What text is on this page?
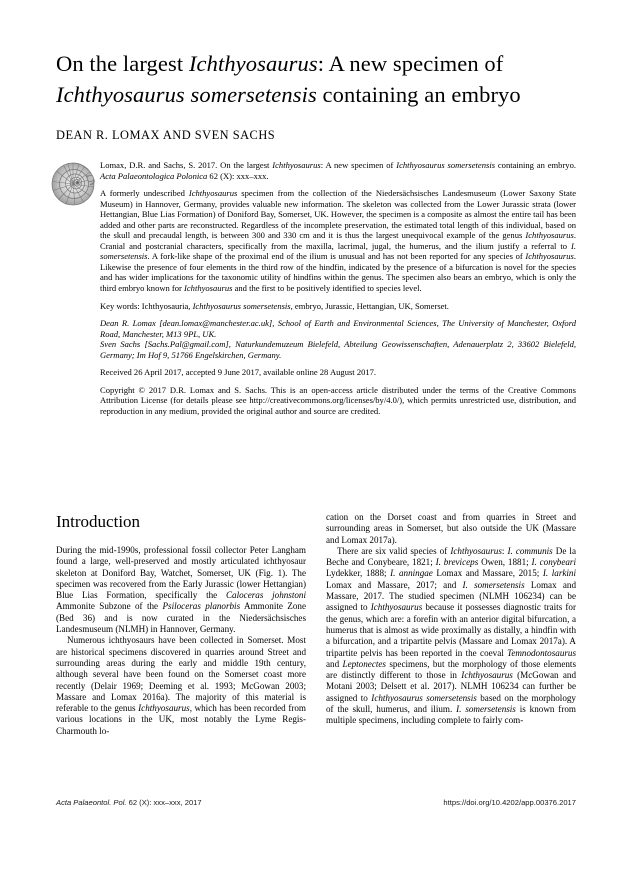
On the largest Ichthyosaurus: A new specimen of
Ichthyosaurus somersetensis containing an embryo
DEAN R. LOMAX AND SVEN SACHS

Lomax, D.R. and Sachs, S. 2017. On the largest Ichthyosaurus: A new specimen of Ichthyosaurus somersetensis containing an embryo. Acta Palaeontologica Polonica 62 (X): xxx–xxx.

A formerly undescribed Ichthyosaurus specimen from the collection of the Niedersächsisches Landesmuseum (Lower Saxony State Museum) in Hannover, Germany, provides valuable new information. The skeleton was collected from the Lower Jurassic strata (lower Hettangian, Blue Lias Formation) of Doniford Bay, Somerset, UK. However, the specimen is a composite as almost the entire tail has been added and other parts are reconstructed. Regardless of the incomplete preservation, the estimated total length of this individual, based on the skull and precaudal length, is between 300 and 330 cm and it is thus the largest unequivocal example of the genus Ichthyosaurus. Cranial and postcranial characters, specifically from the maxilla, lacrimal, jugal, the humerus, and the ilium justify a referral to I. somersetensis. A fork-like shape of the proximal end of the ilium is unusual and has not been reported for any species of Ichthyosaurus. Likewise the presence of four elements in the third row of the hindfin, indicated by the presence of a bifurcation is novel for the species and has wider implications for the taxonomic utility of hindfins within the genus. The specimen also bears an embryo, which is only the third embryo known for Ichthyosaurus and the first to be positively identified to species level.

Key words: Ichthyosauria, Ichthyosaurus somersetensis, embryo, Jurassic, Hettangian, UK, Somerset.

Dean R. Lomax [dean.lomax@manchester.ac.uk], School of Earth and Environmental Sciences, The University of Manchester, Oxford Road, Manchester, M13 9PL, UK.
Sven Sachs [Sachs.Pal@gmail.com], Naturkundemuzeum Bielefeld, Abteilung Geowissenschaften, Adenauerplatz 2, 33602 Bielefeld, Germany; Im Hof 9, 51766 Engelskirchen, Germany.

Received 26 April 2017, accepted 9 June 2017, available online 28 August 2017.

Copyright © 2017 D.R. Lomax and S. Sachs. This is an open-access article distributed under the terms of the Creative Commons Attribution License (for details please see http://creativecommons.org/licenses/by/4.0/), which permits unrestricted use, distribution, and reproduction in any medium, provided the original author and source are credited.

Introduction

During the mid-1990s, professional fossil collector Peter Langham found a large, well-preserved and mostly articulated ichthyosaur skeleton at Doniford Bay, Watchet, Somerset, UK (Fig. 1). The specimen was recovered from the Early Jurassic (lower Hettangian) Blue Lias Formation, specifically the Caloceras johnstoni Ammonite Subzone of the Psiloceras planorbis Ammonite Zone (Bed 36) and is now curated in the Niedersächsisches Landesmuseum (NLMH) in Hannover, Germany.

Numerous ichthyosaurs have been collected in Somerset. Most are historical specimens discovered in quarries around Street and surrounding areas during the early and middle 19th century, although several have been found on the Somerset coast more recently (Delair 1969; Deeming et al. 1993; McGowan 2003; Massare and Lomax 2016a). The majority of this material is referable to the genus Ichthyosaurus, which has been recorded from various locations in the UK, most notably the Lyme Regis-Charmouth lo-

cation on the Dorset coast and from quarries in Street and surrounding areas in Somerset, but also outside the UK (Massare and Lomax 2017a).

There are six valid species of Ichthyosaurus: I. communis De la Beche and Conybeare, 1821; I. breviceps Owen, 1881; I. conybeari Lydekker, 1888; I. anningae Lomax and Massare, 2015; I. larkini Lomax and Massare, 2017; and I. somersetensis Lomax and Massare, 2017. The studied specimen (NLMH 106234) can be assigned to Ichthyosaurus because it possesses diagnostic traits for the genus, which are: a forefin with an anterior digital bifurcation, a humerus that is almost as wide proximally as distally, a hindfin with a bifurcation, and a tripartite pelvis (Massare and Lomax 2017a). A tripartite pelvis has been reported in the coeval Temnodontosaurus and Leptonectes specimens, but the morphology of those elements are distinctly different to those in Ichthyosaurus (McGowan and Motani 2003; Delsett et al. 2017). NLMH 106234 can further be assigned to Ichthyosaurus somersetensis based on the morphology of the skull, humerus, and ilium. I. somersetensis is known from multiple specimens, including complete to fairly com-

Acta Palaeontol. Pol. 62 (X): xxx–xxx, 2017	https://doi.org/10.4202/app.00376.2017
